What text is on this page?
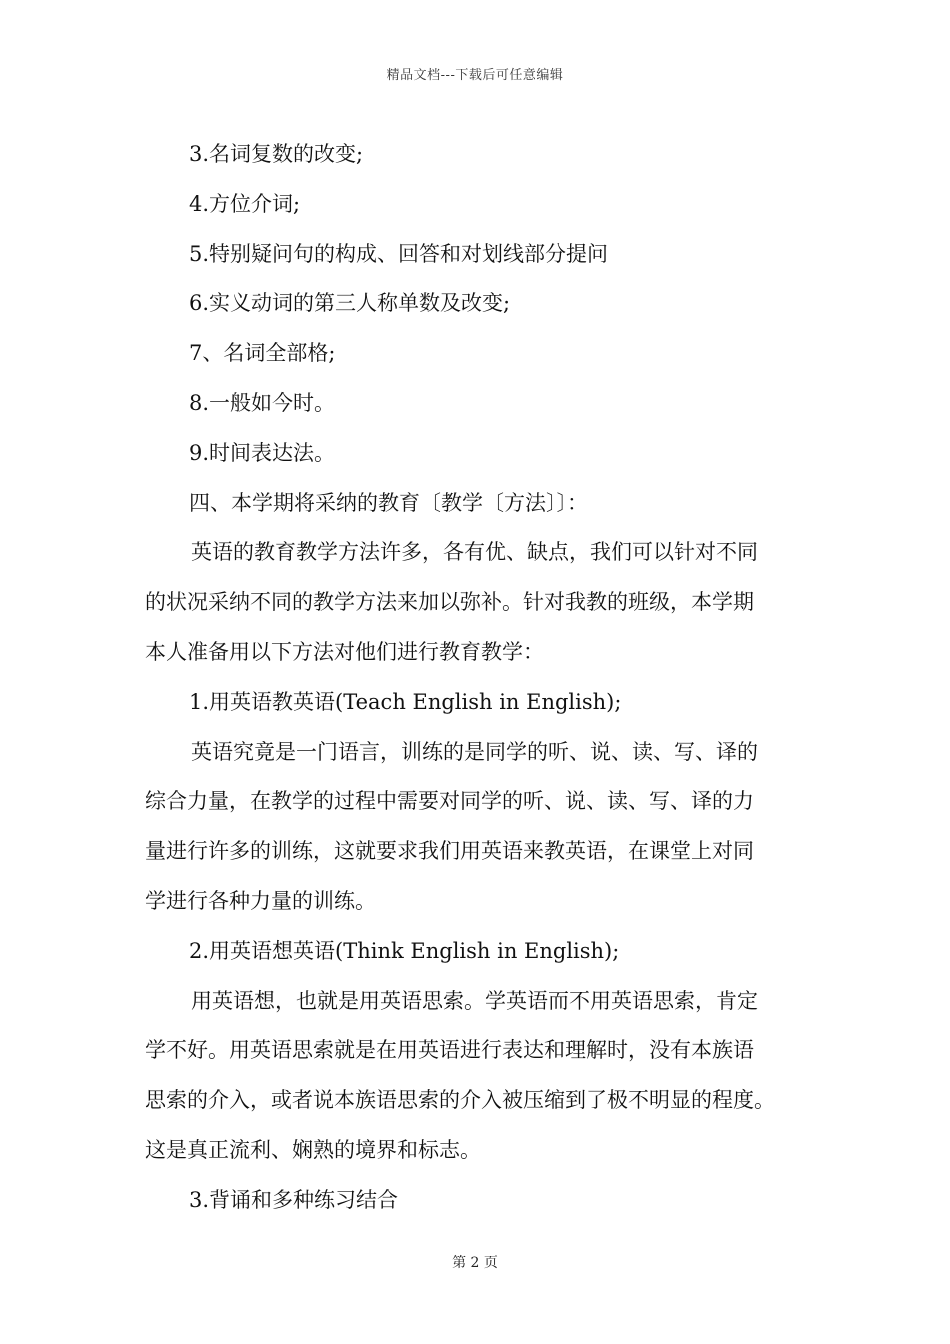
精品文档---下载后可任意编辑
3.名词复数的改变;
4.方位介词;
5.特别疑问句的构成、回答和对划线部分提问
6.实义动词的第三人称单数及改变;
7、名词全部格;
8.一般如今时。
9.时间表达法。
四、本学期将采纳的教育〔教学〔方法〕〕：
英语的教育教学方法许多，各有优、缺点，我们可以针对不同
的状况采纳不同的教学方法来加以弥补。针对我教的班级，本学期
本人准备用以下方法对他们进行教育教学：
1.用英语教英语(Teach English in English);
英语究竟是一门语言，训练的是同学的听、说、读、写、译的
综合力量，在教学的过程中需要对同学的听、说、读、写、译的力
量进行许多的训练，这就要求我们用英语来教英语，在课堂上对同
学进行各种力量的训练。
2.用英语想英语(Think English in English);
用英语想，也就是用英语思索。学英语而不用英语思索，肯定
学不好。用英语思索就是在用英语进行表达和理解时，没有本族语
思索的介入，或者说本族语思索的介入被压缩到了极不明显的程度。
这是真正流利、娴熟的境界和标志。
3.背诵和多种练习结合
第 2 页
